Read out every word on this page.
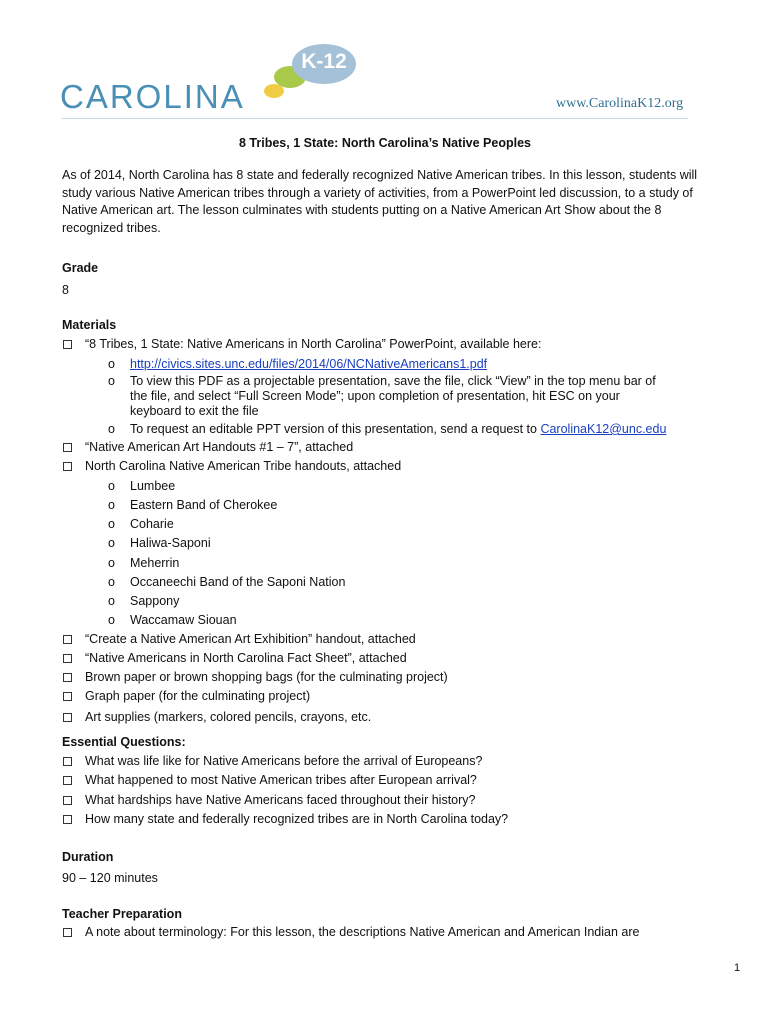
K-12
CAROLINA	www.CarolinaK12.org
8 Tribes, 1 State: North Carolina’s Native Peoples
As of 2014, North Carolina has 8 state and federally recognized Native American tribes. In this lesson, students will study various Native American tribes through a variety of activities, from a PowerPoint led discussion, to a study of Native American art. The lesson culminates with students putting on a Native American Art Show about the 8 recognized tribes.
Grade
8
Materials
“8 Tribes, 1 State: Native Americans in North Carolina” PowerPoint, available here:
o http://civics.sites.unc.edu/files/2014/06/NCNativeAmericans1.pdf
o To view this PDF as a projectable presentation, save the file, click “View” in the top menu bar of
the file, and select “Full Screen Mode”; upon completion of presentation, hit ESC on your
keyboard to exit the file
o To request an editable PPT version of this presentation, send a request to CarolinaK12@unc.edu
“Native American Art Handouts #1 – 7”, attached
North Carolina Native American Tribe handouts, attached
o Lumbee
o Eastern Band of Cherokee
o Coharie
o Haliwa-Saponi
o Meherrin
o Occaneechi Band of the Saponi Nation
o Sappony
o Waccamaw Siouan
“Create a Native American Art Exhibition” handout, attached
“Native Americans in North Carolina Fact Sheet”, attached
Brown paper or brown shopping bags (for the culminating project)
Graph paper (for the culminating project)
Art supplies (markers, colored pencils, crayons, etc.
Essential Questions:
What was life like for Native Americans before the arrival of Europeans?
What happened to most Native American tribes after European arrival?
What hardships have Native Americans faced throughout their history?
How many state and federally recognized tribes are in North Carolina today?
Duration
90 – 120 minutes
Teacher Preparation
A note about terminology: For this lesson, the descriptions Native American and American Indian are
1
